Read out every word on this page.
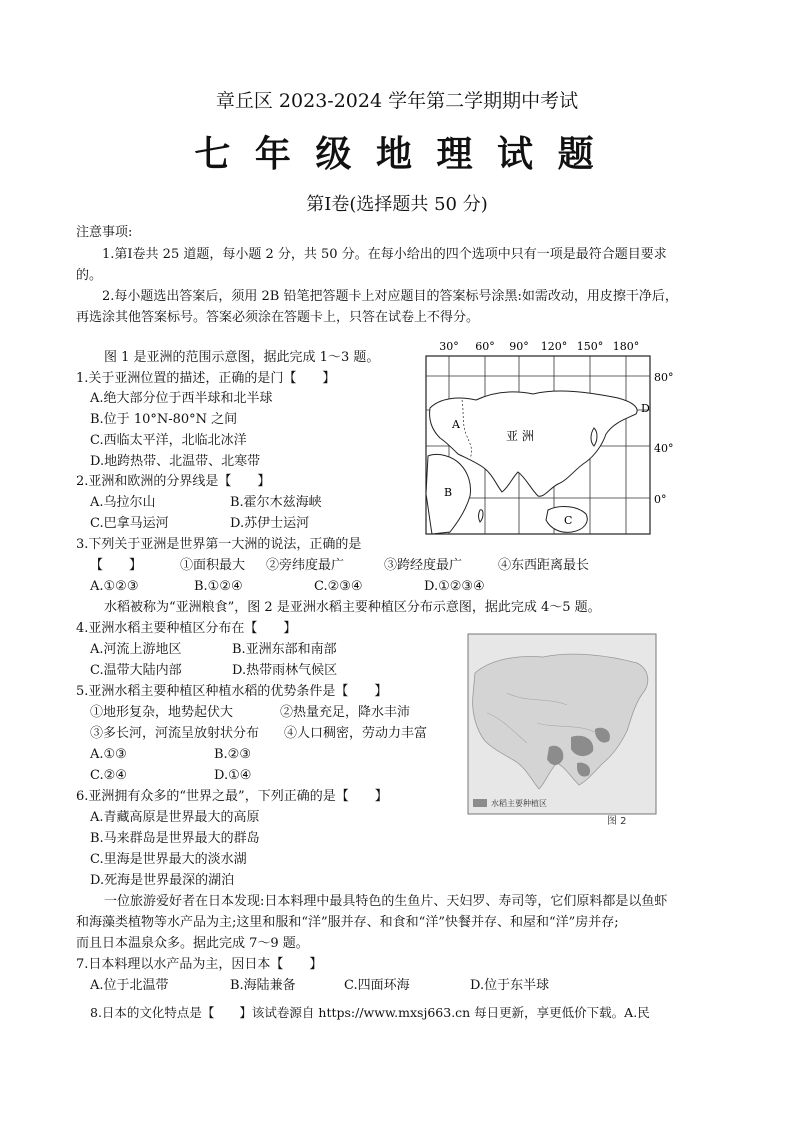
章丘区 2023-2024 学年第二学期期中考试
七 年 级 地 理 试 题
第Ⅰ卷(选择题共 50 分)
注意事项:
1.第Ⅰ卷共 25 道题，每小题 2 分，共 50 分。在每小给出的四个选项中只有一项是最符合题目要求
的。
2.每小题选出答案后，须用 2B 铅笔把答题卡上对应题目的答案标号涂黑:如需改动，用皮擦干净后，
再选涂其他答案标号。答案必须涂在答题卡上，只答在试卷上不得分。
图 1 是亚洲的范围示意图，据此完成 1～3 题。
1.关于亚洲位置的描述，正确的是门【　　】
A.绝大部分位于西半球和北半球
B.位于 10°N-80°N 之间
C.西临太平洋，北临北冰洋
D.地跨热带、北温带、北寒带
2.亚洲和欧洲的分界线是【　　】
A.乌拉尔山	B.霍尔木兹海峡
C.巴拿马运河	D.苏伊士运河
3.下列关于亚洲是世界第一大洲的说法，正确的是
【　　】	①面积最大 ②旁纬度最广	③跨经度最广	④东西距离最长
A.①②③	B.①②④	C.②③④	D.①②③④
水稻被称为“亚洲粮食”，图 2 是亚洲水稻主要种植区分布示意图，据此完成 4～5 题。
4.亚洲水稻主要种植区分布在【　　】
A.河流上游地区	B.亚洲东部和南部
C.温带大陆内部	D.热带雨林气候区
5.亚洲水稻主要种植区种植水稻的优势条件是【　　】
①地形复杂，地势起伏大	②热量充足，降水丰沛
③多长河，河流呈放射状分布 ④人口稠密，劳动力丰富
A.①③	B.②③
C.②④	D.①④
6.亚洲拥有众多的“世界之最”，下列正确的是【　　】
A.青藏高原是世界最大的高原
B.马来群岛是世界最大的群岛
C.里海是世界最大的淡水湖
D.死海是世界最深的湖泊
一位旅游爱好者在日本发现:日本料理中最具特色的生鱼片、天妇罗、寿司等，它们原料都是以鱼虾
和海藻类植物等水产品为主;这里和服和“洋”服并存、和食和“洋”快餐并存、和屋和“洋”房并存;
而且日本温泉众多。据此完成 7～9 题。
7.日本料理以水产品为主，因日本【　　】
A.位于北温带	B.海陆兼备	C.四面环海	D.位于东半球
8.日本的文化特点是【　　】该试卷源自 https://www.mxsj663.cn 每日更新，享更低价下载。A.民
30° 60° 90° 120° 150° 180°
80°
40°
0°
A
B
C
D
亚 洲
水稻主要种植区
图 2
